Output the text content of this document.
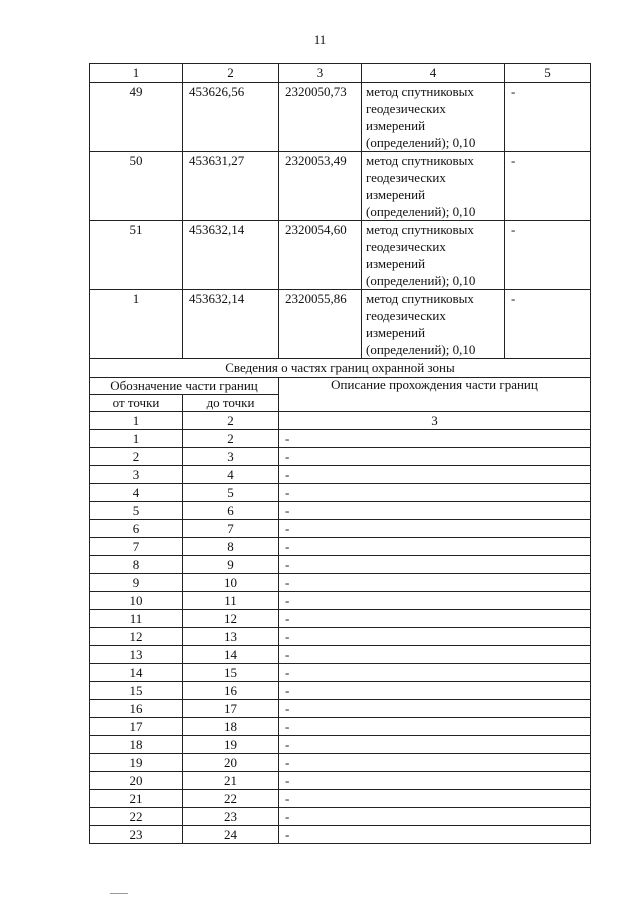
11
1	2	3	4	5
49	453626,56	2320050,73	метод спутниковых
геодезических
измерений
(определений); 0,10	-
50	453631,27	2320053,49	метод спутниковых
геодезических
измерений
(определений); 0,10	-
51	453632,14	2320054,60	метод спутниковых
геодезических
измерений
(определений); 0,10	-
1	453632,14	2320055,86	метод спутниковых
геодезических
измерений
(определений); 0,10	-
Сведения о частях границ охранной зоны				
Обозначение части границ		Описание прохождения части границ		
от точки	до точки			
1	2	3		
1	2	-		
2	3	-		
3	4	-		
4	5	-		
5	6	-		
6	7	-		
7	8	-		
8	9	-		
9	10	-		
10	11	-		
11	12	-		
12	13	-		
13	14	-		
14	15	-		
15	16	-		
16	17	-		
17	18	-		
18	19	-		
19	20	-		
20	21	-		
21	22	-		
22	23	-		
23	24	-		
